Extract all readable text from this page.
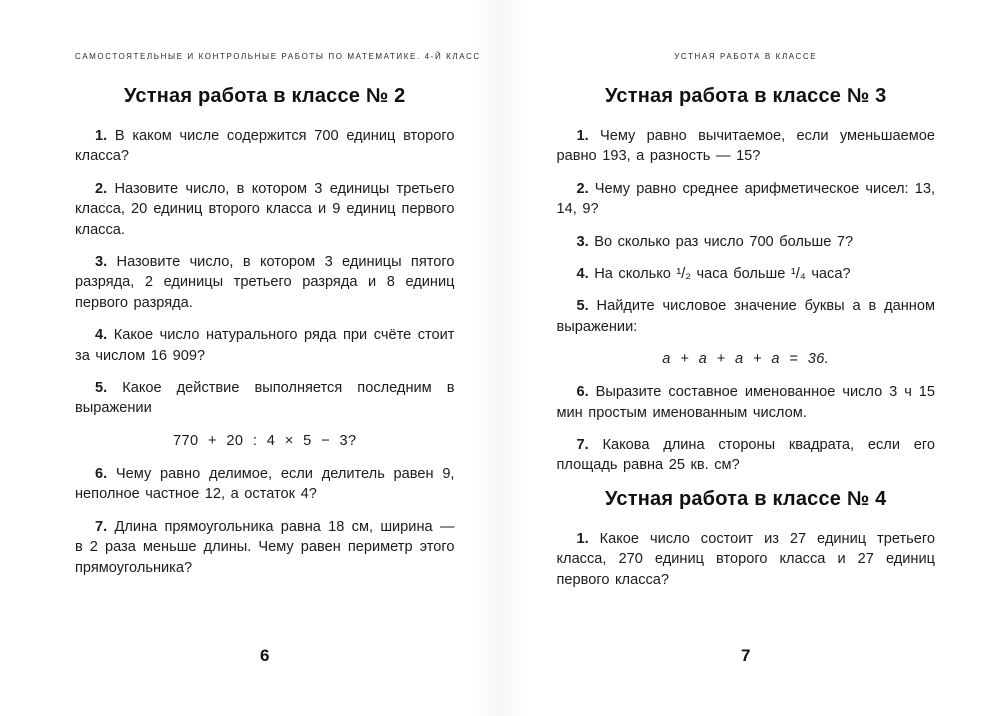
САМОСТОЯТЕЛЬНЫЕ И КОНТРОЛЬНЫЕ РАБОТЫ ПО МАТЕМАТИКЕ. 4-Й КЛАСС
Устная работа в классе № 2

1. В каком числе содержится 700 единиц второго класса?

2. Назовите число, в котором 3 единицы третьего класса, 20 единиц второго класса и 9 единиц первого класса.

3. Назовите число, в котором 3 единицы пятого разряда, 2 единицы третьего разряда и 8 единиц первого разряда.

4. Какое число натурального ряда при счёте стоит за числом 16 909?

5. Какое действие выполняется последним в выражении

770 + 20 : 4 × 5 − 3?

6. Чему равно делимое, если делитель равен 9, неполное частное 12, а остаток 4?

7. Длина прямоугольника равна 18 см, ширина — в 2 раза меньше длины. Чему равен периметр этого прямоугольника?

6
УСТНАЯ РАБОТА В КЛАССЕ
Устная работа в классе № 3

1. Чему равно вычитаемое, если уменьшаемое равно 193, а разность — 15?

2. Чему равно среднее арифметическое чисел: 13, 14, 9?

3. Во сколько раз число 700 больше 7?

4. На сколько ¹/₂ часа больше ¹/₄ часа?

5. Найдите числовое значение буквы а в данном выражении:

а + а + а + а = 36.

6. Выразите составное именованное число 3 ч 15 мин простым именованным числом.

7. Какова длина стороны квадрата, если его площадь равна 25 кв. см?

Устная работа в классе № 4

1. Какое число состоит из 27 единиц третьего класса, 270 единиц второго класса и 27 единиц первого класса?

7
